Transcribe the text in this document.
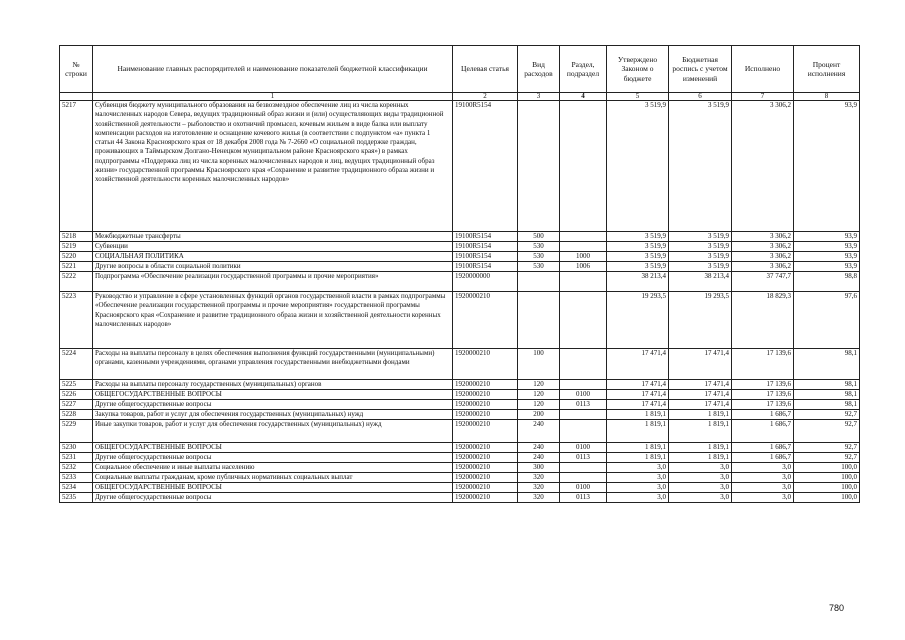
№ строки	Наименование главных распорядителей и наименование показателей бюджетной классификации	Целевая статья	Вид расходов	Раздел, подраздел	Утверждено Законом о бюджете	Бюджетная роспись с учетом изменений	Исполнено	Процент исполнения
	1	2	3	4	5	6	7	8
5217	Субвенция бюджету муниципального образования на безвозмездное обеспечение лиц из числа коренных малочисленных народов Севера, ведущих традиционный образ жизни и (или) осуществляющих виды традиционной хозяйственной деятельности – рыболовство и охотничий промысел, кочевым жильем в виде балка или выплату компенсации расходов на изготовление и оснащение кочевого жилья (в соответствии с подпунктом «а» пункта 1 статьи 44 Закона Красноярского края от 18 декабря 2008 года № 7-2660 «О социальной поддержке граждан, проживающих в Таймырском Долгано-Ненецком муниципальном районе Красноярского края») в рамках подпрограммы «Поддержка лиц из числа коренных малочисленных народов и лиц, ведущих традиционный образ жизни» государственной программы Красноярского края «Сохранение и развитие традиционного образа жизни и хозяйственной деятельности коренных малочисленных народов»	19100R5154			3 519,9	3 519,9	3 306,2	93,9
5218	Межбюджетные трансферты	19100R5154	500		3 519,9	3 519,9	3 306,2	93,9
5219	Субвенции	19100R5154	530		3 519,9	3 519,9	3 306,2	93,9
5220	СОЦИАЛЬНАЯ ПОЛИТИКА	19100R5154	530	1000	3 519,9	3 519,9	3 306,2	93,9
5221	Другие вопросы в области социальной политики	19100R5154	530	1006	3 519,9	3 519,9	3 306,2	93,9
5222	Подпрограмма «Обеспечение реализации государственной программы и прочие мероприятия»	1920000000			38 213,4	38 213,4	37 747,7	98,8
5223	Руководство и управление в сфере установленных функций органов государственной власти в рамках подпрограммы «Обеспечение реализации государственной программы и прочие мероприятия» государственной программы Красноярского края «Сохранение и развитие традиционного образа жизни и хозяйственной деятельности коренных малочисленных народов»	1920000210			19 293,5	19 293,5	18 829,3	97,6
5224	Расходы на выплаты персоналу в целях обеспечения выполнения функций государственными (муниципальными) органами, казенными учреждениями, органами управления государственными внебюджетными фондами	1920000210	100		17 471,4	17 471,4	17 139,6	98,1
5225	Расходы на выплаты персоналу государственных (муниципальных) органов	1920000210	120		17 471,4	17 471,4	17 139,6	98,1
5226	ОБЩЕГОСУДАРСТВЕННЫЕ ВОПРОСЫ	1920000210	120	0100	17 471,4	17 471,4	17 139,6	98,1
5227	Другие общегосударственные вопросы	1920000210	120	0113	17 471,4	17 471,4	17 139,6	98,1
5228	Закупка товаров, работ и услуг для обеспечения государственных (муниципальных) нужд	1920000210	200		1 819,1	1 819,1	1 686,7	92,7
5229	Иные закупки товаров, работ и услуг для обеспечения государственных (муниципальных) нужд	1920000210	240		1 819,1	1 819,1	1 686,7	92,7
5230	ОБЩЕГОСУДАРСТВЕННЫЕ ВОПРОСЫ	1920000210	240	0100	1 819,1	1 819,1	1 686,7	92,7
5231	Другие общегосударственные вопросы	1920000210	240	0113	1 819,1	1 819,1	1 686,7	92,7
5232	Социальное обеспечение и иные выплаты населению	1920000210	300		3,0	3,0	3,0	100,0
5233	Социальные выплаты гражданам, кроме публичных нормативных социальных выплат	1920000210	320		3,0	3,0	3,0	100,0
5234	ОБЩЕГОСУДАРСТВЕННЫЕ ВОПРОСЫ	1920000210	320	0100	3,0	3,0	3,0	100,0
5235	Другие общегосударственные вопросы	1920000210	320	0113	3,0	3,0	3,0	100,0
780
